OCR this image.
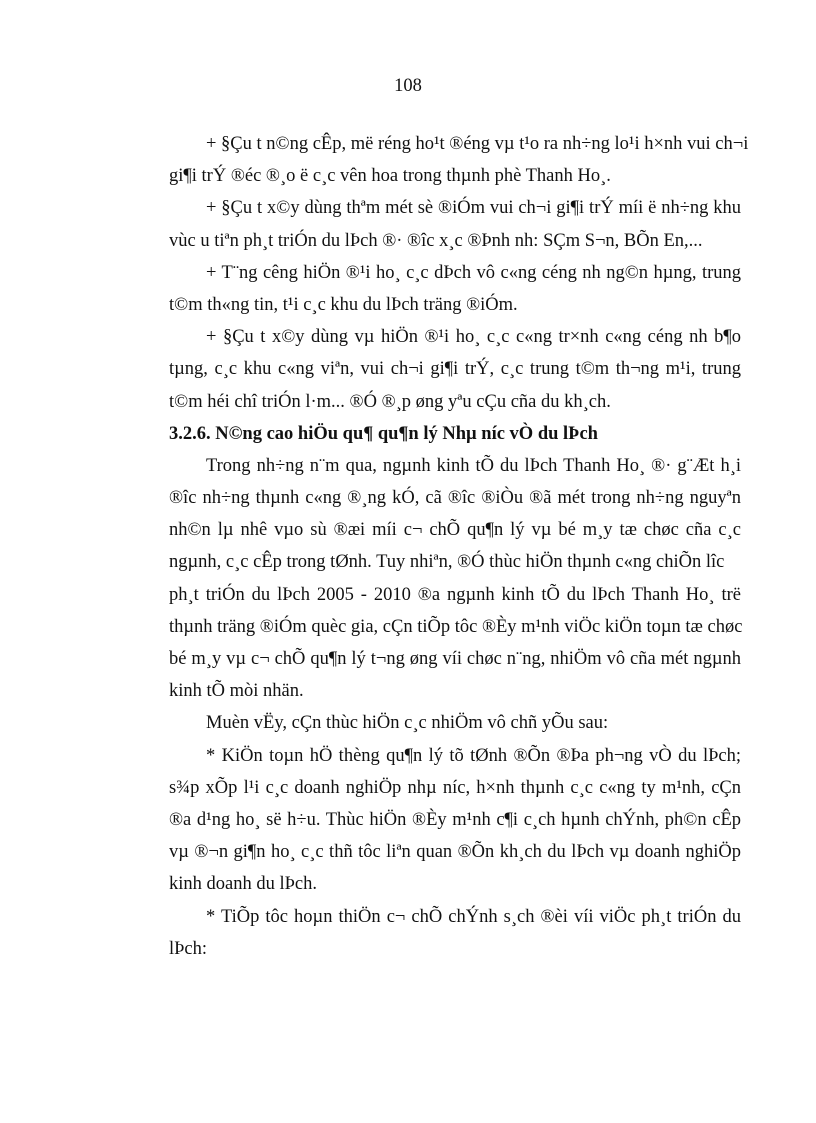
108
+ §Çu t n©ng cÊp, më réng ho¹t ®éng vµ t¹o ra nh÷ng lo¹i h×nh vui ch¬i
gi¶i trÝ ®éc ®¸o ë c¸c vên hoa trong thµnh phè Thanh Ho¸.
+ §Çu t x©y dùng thªm mét sè ®iÓm vui ch¬i gi¶i trÝ míi ë nh÷ng khu
vùc u tiªn ph¸t triÓn du lÞch ®· ®îc x¸c ®Þnh nh: SÇm S¬n, BÕn En,...
+ T¨ng cêng hiÖn ®¹i ho¸ c¸c dÞch vô c«ng céng nh ng©n hµng, trung
t©m th«ng tin, t¹i c¸c khu du lÞch träng ®iÓm.
+ §Çu t x©y dùng vµ hiÖn ®¹i ho¸ c¸c c«ng tr×nh c«ng céng nh b¶o
tµng, c¸c khu c«ng viªn, vui ch¬i gi¶i trÝ, c¸c trung t©m th¬ng m¹i, trung
t©m héi chî triÓn l·m... ®Ó ®¸p øng yªu cÇu cña du kh¸ch.
3.2.6. N©ng cao hiÖu qu¶ qu¶n lý Nhµ níc vÒ du lÞch
Trong nh÷ng n¨m qua, ngµnh kinh tÕ du lÞch Thanh Ho¸ ®· g¨Æt h¸i
®îc nh÷ng thµnh c«ng ®¸ng kÓ, cã ®îc ®iÒu ®ã mét trong nh÷ng nguyªn
nh©n lµ nhê vµo sù ®æi míi c¬ chÕ qu¶n lý vµ bé m¸y tæ chøc cña c¸c
ngµnh, c¸c cÊp trong tØnh. Tuy nhiªn, ®Ó thùc hiÖn thµnh c«ng chiÕn lîc
ph¸t triÓn du lÞch 2005 - 2010 ®a ngµnh kinh tÕ du lÞch Thanh Ho¸ trë
thµnh träng ®iÓm quèc gia, cÇn tiÕp tôc ®Èy m¹nh viÖc kiÖn toµn tæ chøc
bé m¸y vµ c¬ chÕ qu¶n lý t¬ng øng víi chøc n¨ng, nhiÖm vô cña mét ngµnh
kinh tÕ mòi nhän.
Muèn vËy, cÇn thùc hiÖn c¸c nhiÖm vô chñ yÕu sau:
* KiÖn toµn hÖ thèng qu¶n lý tõ tØnh ®Õn ®Þa ph¬ng vÒ du lÞch;
s¾p xÕp l¹i c¸c doanh nghiÖp nhµ níc, h×nh thµnh c¸c c«ng ty m¹nh, cÇn
®a d¹ng ho¸ së h÷u. Thùc hiÖn ®Èy m¹nh c¶i c¸ch hµnh chÝnh, ph©n cÊp
vµ ®¬n gi¶n ho¸ c¸c thñ tôc liªn quan ®Õn kh¸ch du lÞch vµ doanh nghiÖp
kinh doanh du lÞch.
* TiÕp tôc hoµn thiÖn c¬ chÕ chÝnh s¸ch ®èi víi viÖc ph¸t triÓn du
lÞch:
